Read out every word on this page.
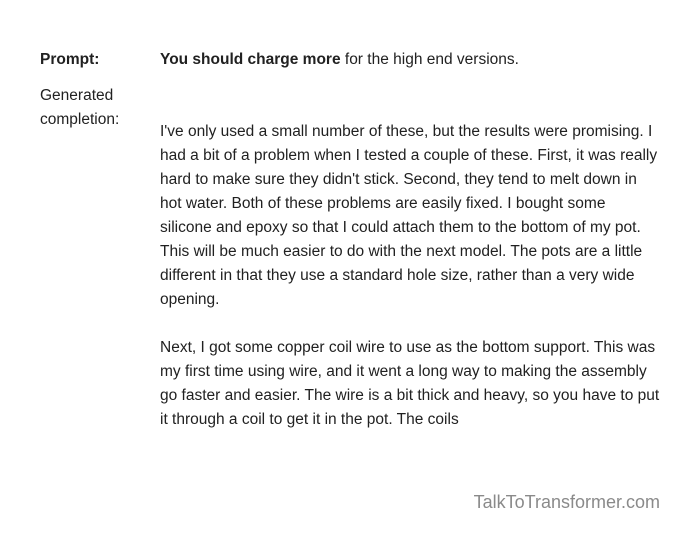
Prompt:	You should charge more for the high end versions.
Generated completion:

I've only used a small number of these, but the results were promising. I had a bit of a problem when I tested a couple of these. First, it was really hard to make sure they didn't stick. Second, they tend to melt down in hot water. Both of these problems are easily fixed. I bought some silicone and epoxy so that I could attach them to the bottom of my pot. This will be much easier to do with the next model. The pots are a little different in that they use a standard hole size, rather than a very wide opening.

Next, I got some copper coil wire to use as the bottom support. This was my first time using wire, and it went a long way to making the assembly go faster and easier. The wire is a bit thick and heavy, so you have to put it through a coil to get it in the pot. The coils

TalkToTransformer.com
